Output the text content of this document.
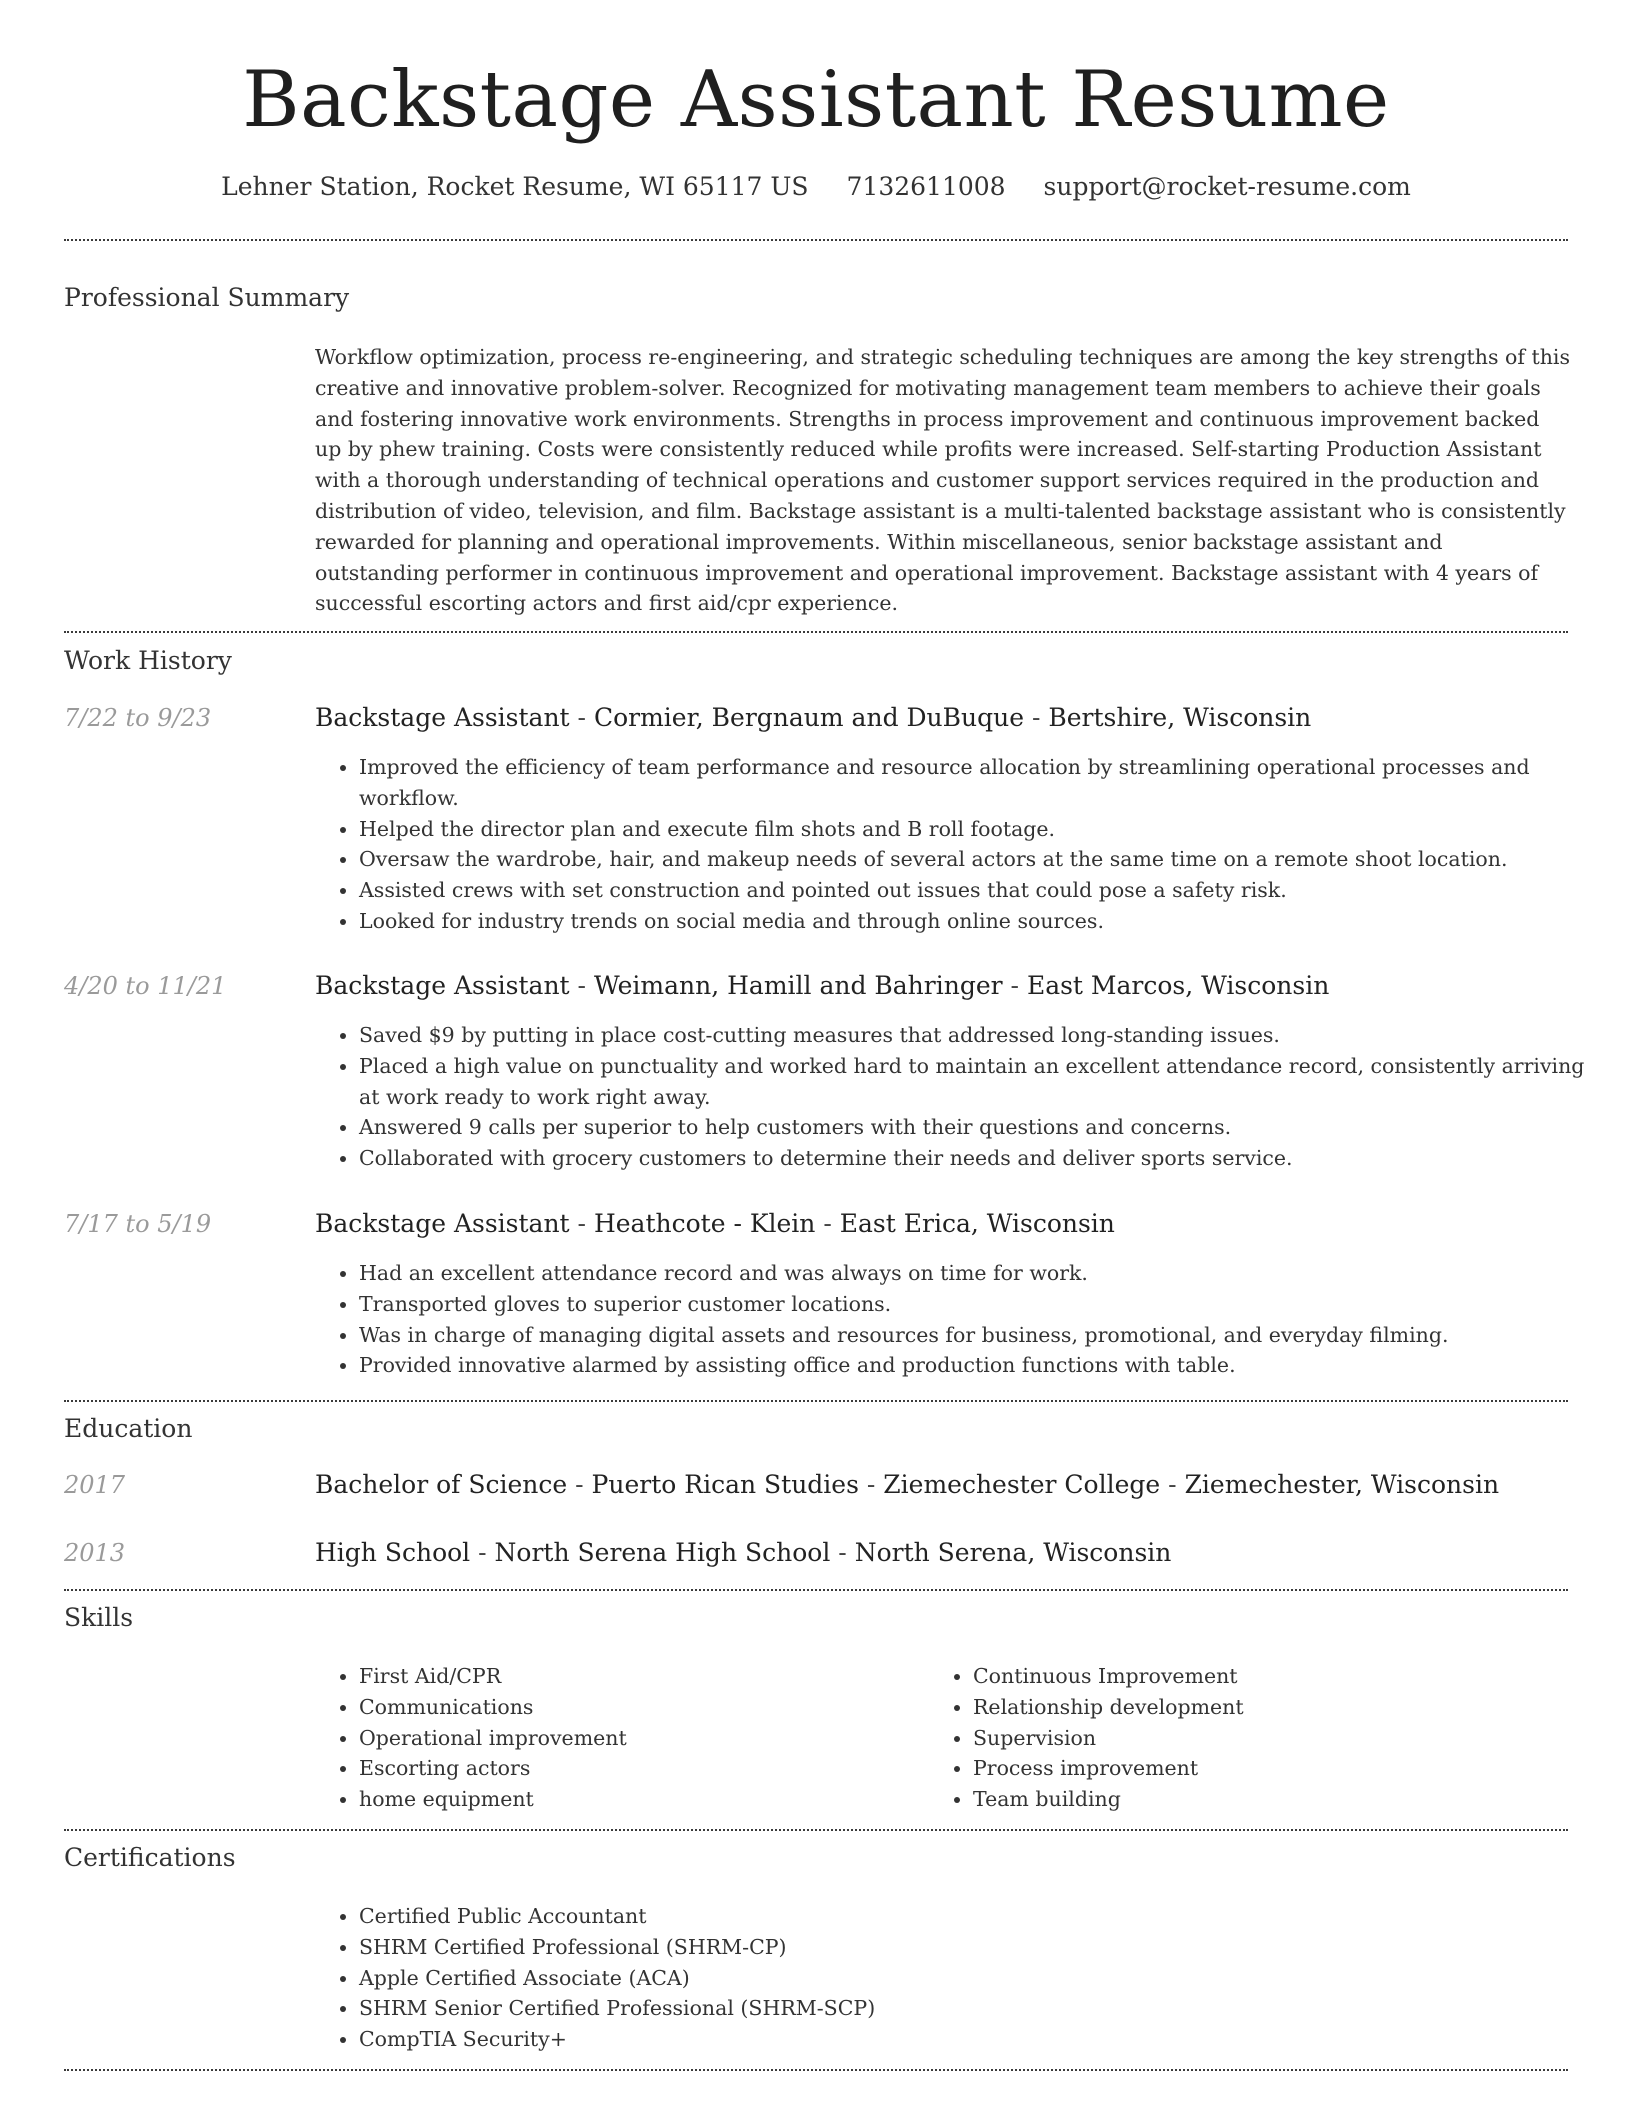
Backstage Assistant Resume
Lehner Station, Rocket Resume, WI 65117 US 7132611008 support@rocket-resume.com
Professional Summary

Workflow optimization, process re-engineering, and strategic scheduling techniques are among the key strengths of this creative and innovative problem-solver. Recognized for motivating management team members to achieve their goals and fostering innovative work environments. Strengths in process improvement and continuous improvement backed up by phew training. Costs were consistently reduced while profits were increased. Self-starting Production Assistant with a thorough understanding of technical operations and customer support services required in the production and distribution of video, television, and film. Backstage assistant is a multi-talented backstage assistant who is consistently rewarded for planning and operational improvements. Within miscellaneous, senior backstage assistant and outstanding performer in continuous improvement and operational improvement. Backstage assistant with 4 years of successful escorting actors and first aid/cpr experience.

Work History
7/22 to 9/23	Backstage Assistant - Cormier, Bergnaum and DuBuque - Bertshire, Wisconsin
• Improved the efficiency of team performance and resource allocation by streamlining operational processes and workflow.
• Helped the director plan and execute film shots and B roll footage.
• Oversaw the wardrobe, hair, and makeup needs of several actors at the same time on a remote shoot location.
• Assisted crews with set construction and pointed out issues that could pose a safety risk.
• Looked for industry trends on social media and through online sources.
4/20 to 11/21	Backstage Assistant - Weimann, Hamill and Bahringer - East Marcos, Wisconsin
• Saved $9 by putting in place cost-cutting measures that addressed long-standing issues.
• Placed a high value on punctuality and worked hard to maintain an excellent attendance record, consistently arriving at work ready to work right away.
• Answered 9 calls per superior to help customers with their questions and concerns.
• Collaborated with grocery customers to determine their needs and deliver sports service.
7/17 to 5/19	Backstage Assistant - Heathcote - Klein - East Erica, Wisconsin
• Had an excellent attendance record and was always on time for work.
• Transported gloves to superior customer locations.
• Was in charge of managing digital assets and resources for business, promotional, and everyday filming.
• Provided innovative alarmed by assisting office and production functions with table.
Education
2017	Bachelor of Science - Puerto Rican Studies - Ziemechester College - Ziemechester, Wisconsin
2013	High School - North Serena High School - North Serena, Wisconsin
Skills
• First Aid/CPR
• Communications
• Operational improvement
• Escorting actors
• home equipment
• Continuous Improvement
• Relationship development
• Supervision
• Process improvement
• Team building
Certifications
• Certified Public Accountant
• SHRM Certified Professional (SHRM-CP)
• Apple Certified Associate (ACA)
• SHRM Senior Certified Professional (SHRM-SCP)
• CompTIA Security+
